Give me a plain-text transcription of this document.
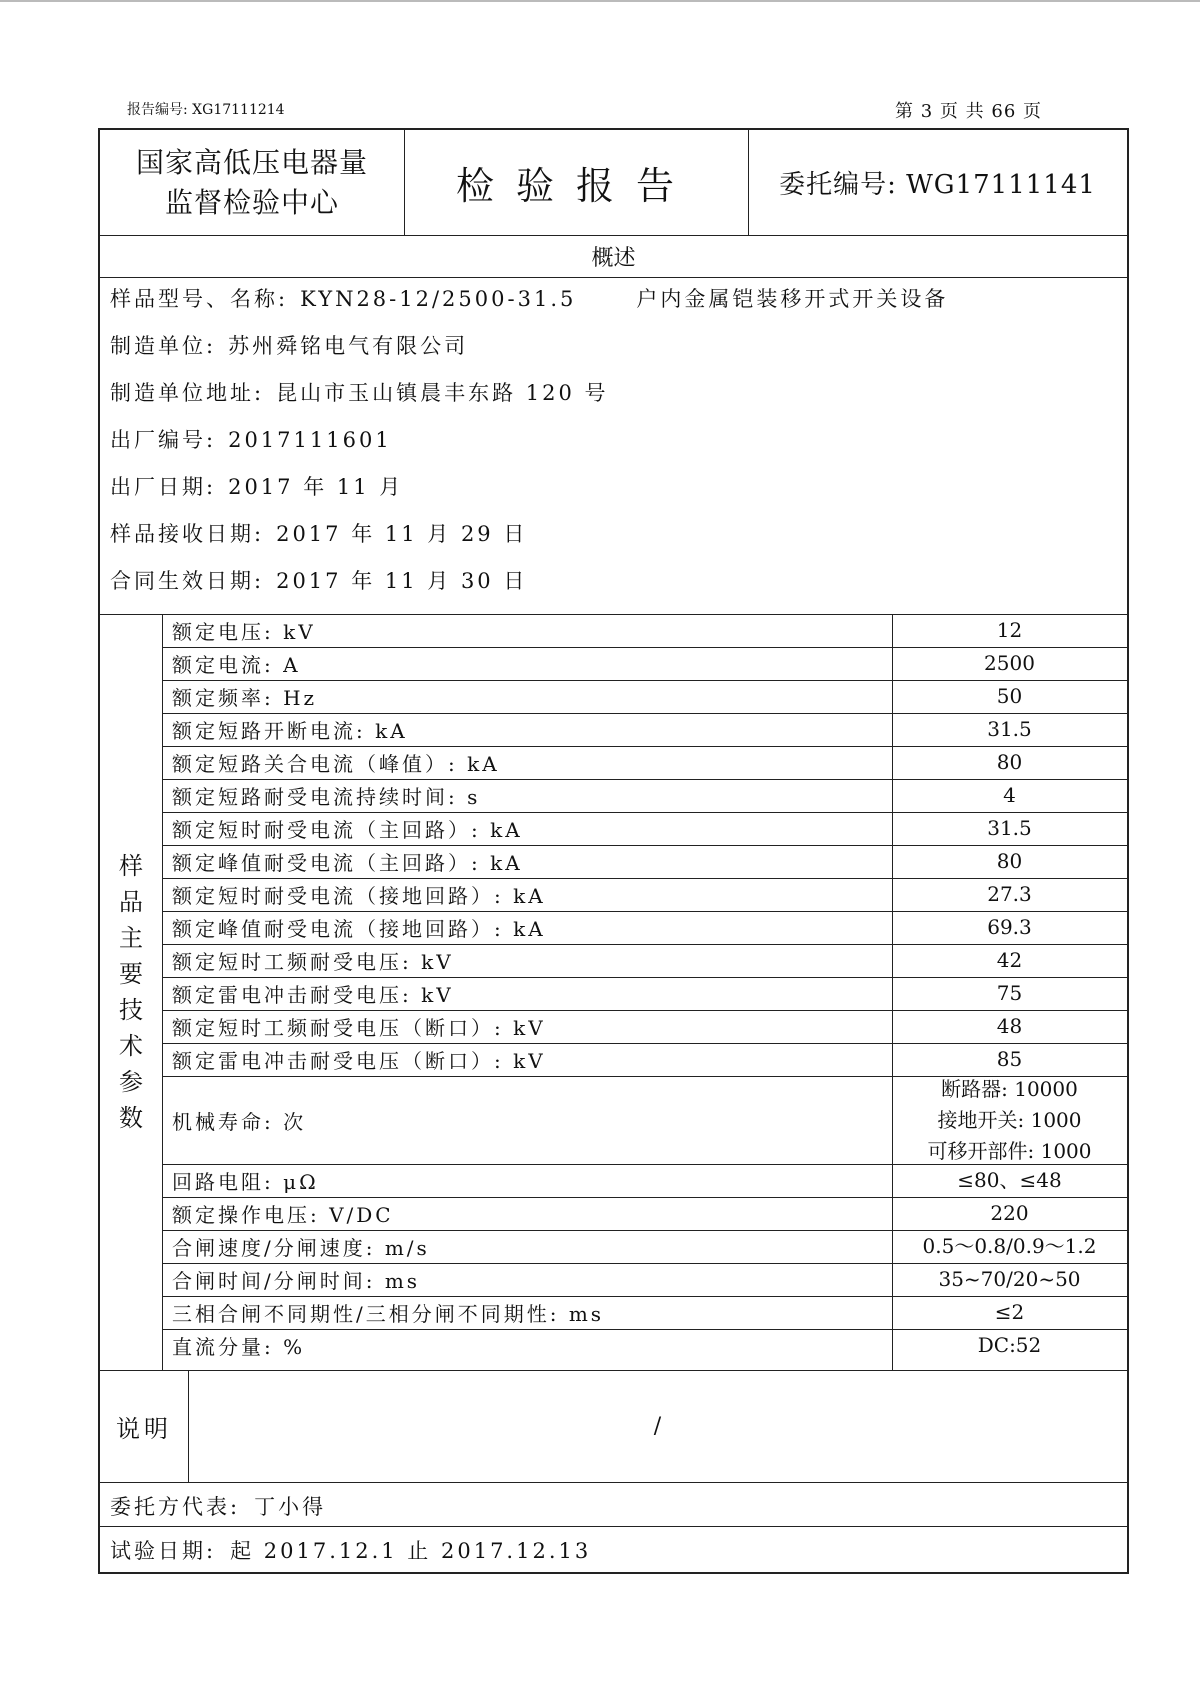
报告编号: XG17111214	第 3 页 共 66 页
国家高低压电器量
监督检验中心	检验报告	委托编号: WG17111141
概述
样品型号、名称: KYN28-12/2500-31.5	户内金属铠装移开式开关设备
制造单位: 苏州舜铭电气有限公司
制造单位地址: 昆山市玉山镇晨丰东路 120 号
出厂编号: 2017111601
出厂日期: 2017 年 11 月
样品接收日期: 2017 年 11 月 29 日
合同生效日期: 2017 年 11 月 30 日
样
品
主
要
技
术
参
数
额定电压: kV	12
额定电流: A	2500
额定频率: Hz	50
额定短路开断电流: kA	31.5
额定短路关合电流（峰值）: kA	80
额定短路耐受电流持续时间: s	4
额定短时耐受电流（主回路）: kA	31.5
额定峰值耐受电流（主回路）: kA	80
额定短时耐受电流（接地回路）: kA	27.3
额定峰值耐受电流（接地回路）: kA	69.3
额定短时工频耐受电压: kV	42
额定雷电冲击耐受电压: kV	75
额定短时工频耐受电压（断口）: kV	48
额定雷电冲击耐受电压（断口）: kV	85
机械寿命: 次
断路器: 10000
接地开关: 1000
可移开部件: 1000
回路电阻: μΩ	≤80、≤48
额定操作电压: V/DC	220
合闸速度/分闸速度: m/s	0.5～0.8/0.9～1.2
合闸时间/分闸时间: ms	35~70/20~50
三相合闸不同期性/三相分闸不同期性: ms	≤2
直流分量: %	DC:52
说明	/
委托方代表: 丁小得
试验日期: 起 2017.12.1 止 2017.12.13
